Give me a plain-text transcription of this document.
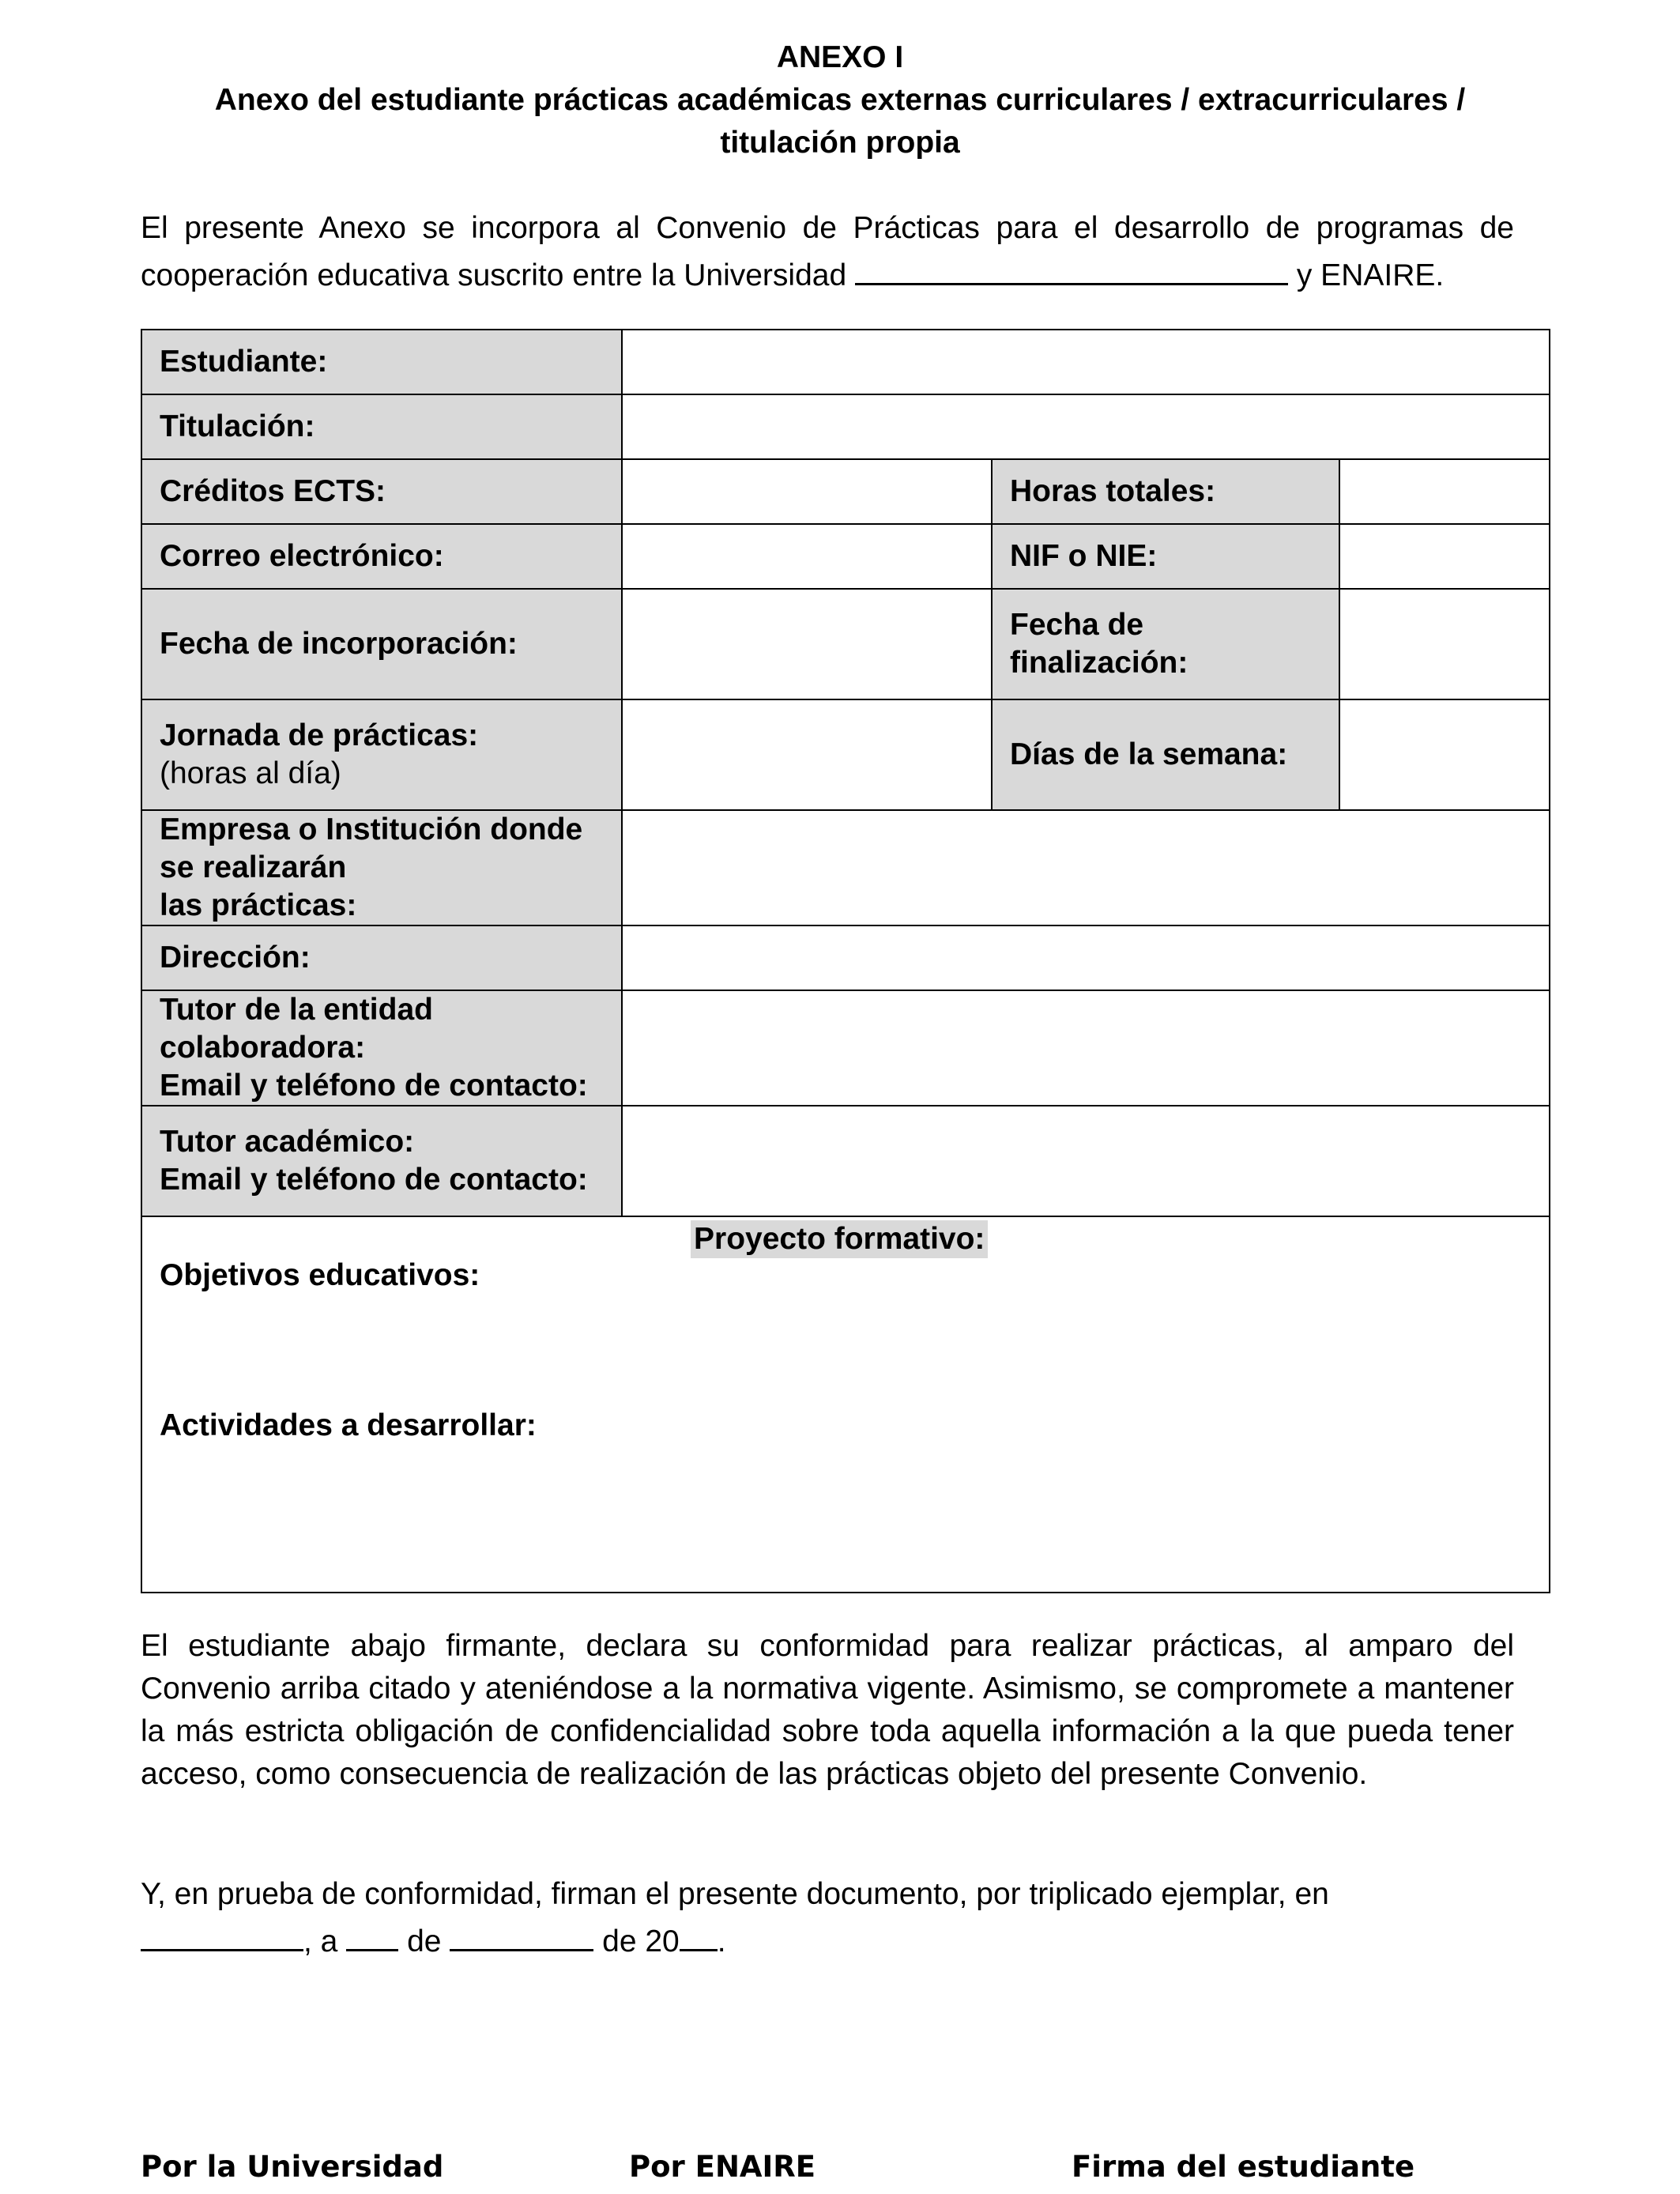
ANEXO I
Anexo del estudiante prácticas académicas externas curriculares / extracurriculares /
titulación propia
El presente Anexo se incorpora al Convenio de Prácticas para el desarrollo de programas de cooperación educativa suscrito entre la Universidad	y ENAIRE.
Estudiante:			
Titulación:			
Créditos ECTS:		Horas totales:	
Correo electrónico:		NIF o NIE:	
Fecha de incorporación:		Fecha de
finalización:	
Jornada de prácticas:
(horas al día)		Días de la semana:	
Empresa o Institución donde se realizarán
las prácticas:			
Dirección:			
Tutor de la entidad colaboradora:
Email y teléfono de contacto:			
Tutor académico:
Email y teléfono de contacto:			

Proyecto formativo:
Objetivos educativos:
Actividades a desarrollar:			
El estudiante abajo firmante, declara su conformidad para realizar prácticas, al amparo del Convenio arriba citado y ateniéndose a la normativa vigente. Asimismo, se compromete a mantener la más estricta obligación de confidencialidad sobre toda aquella información a la que pueda tener acceso, como consecuencia de realización de las prácticas objeto del presente Convenio.
Y, en prueba de conformidad, firman el presente documento, por triplicado ejemplar, en
, a de	de 20 .
Por la Universidad	Por ENAIRE	Firma del estudiante
